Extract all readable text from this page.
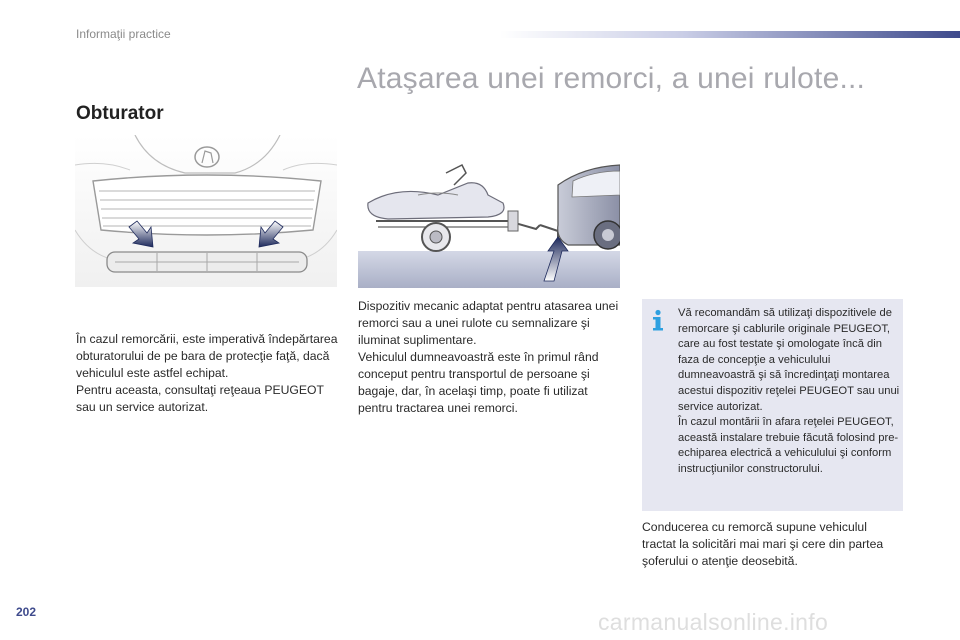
Informaţii practice
Ataşarea unei remorci, a unei rulote...
Obturator

În cazul remorcării, este imperativă îndepărtarea obturatorului de pe bara de protecţie faţă, dacă vehiculul este astfel echipat.

Pentru aceasta, consultaţi reţeaua PEUGEOT sau un service autorizat.

Dispozitiv mecanic adaptat pentru atasarea unei remorci sau a unei rulote cu semnalizare şi iluminat suplimentare.

Vehiculul dumneavoastră este în primul rând conceput pentru transportul de persoane şi bagaje, dar, în acelaşi timp, poate fi utilizat pentru tractarea unei remorci.

Vă recomandăm să utilizaţi dispozitivele de remorcare şi cablurile originale PEUGEOT, care au fost testate şi omologate încă din faza de concepţie a vehiculului dumneavoastră şi să încredinţaţi montarea acestui dispozitiv reţelei PEUGEOT sau unui service autorizat.

În cazul montării în afara reţelei PEUGEOT, această instalare trebuie făcută folosind pre-echiparea electrică a vehiculului şi conform instrucţiunilor constructorului.

Conducerea cu remorcă supune vehiculul tractat la solicitări mai mari şi cere din partea şoferului o atenţie deosebită.
202	carmanualsonline.info
